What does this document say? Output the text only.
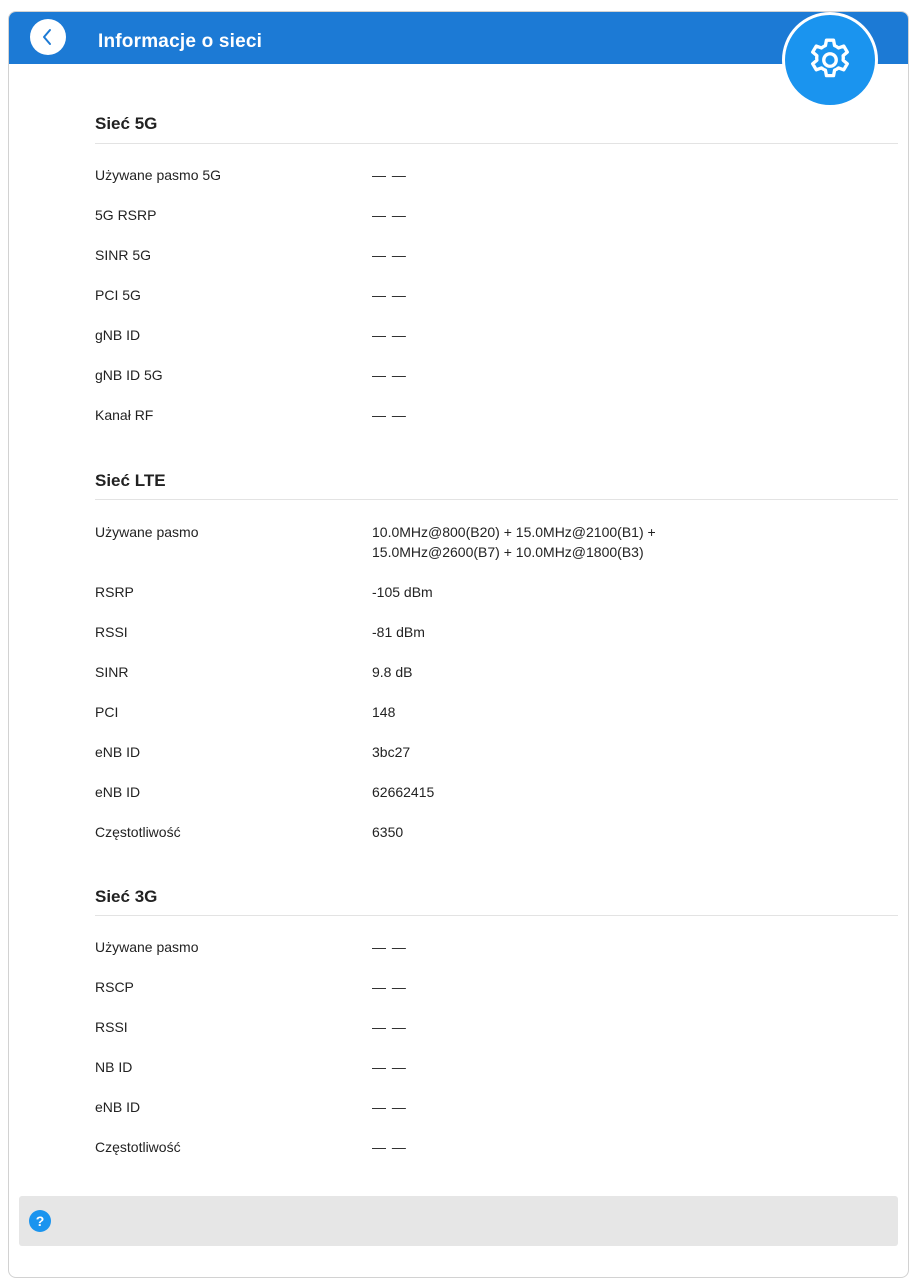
Informacje o sieci
Sieć 5G
Używane pasmo 5G	— —
5G RSRP	— —
SINR 5G	— —
PCI 5G	— —
gNB ID	— —
gNB ID 5G	— —
Kanał RF	— —
Sieć LTE
Używane pasmo	10.0MHz@800(B20) + 15.0MHz@2100(B1) +
15.0MHz@2600(B7) + 10.0MHz@1800(B3)
RSRP	-105 dBm
RSSI	-81 dBm
SINR	9.8 dB
PCI	148
eNB ID	3bc27
eNB ID	62662415
Częstotliwość	6350
Sieć 3G
Używane pasmo	— —
RSCP	— —
RSSI	— —
NB ID	— —
eNB ID	— —
Częstotliwość	— —
?
